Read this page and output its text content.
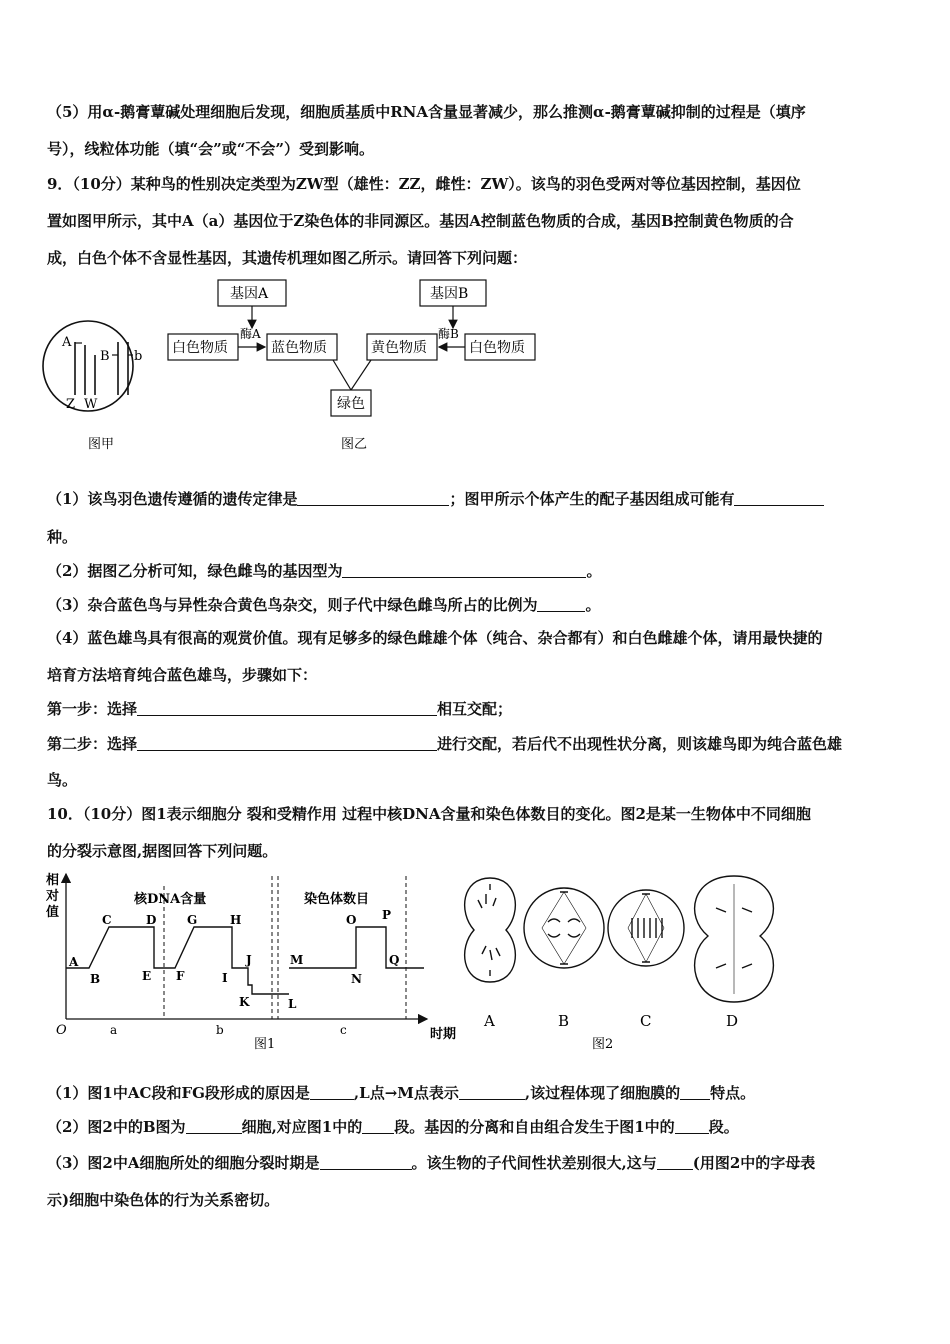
（5）用α-鹅膏蕈碱处理细胞后发现，细胞质基质中RNA含量显著减少，那么推测α-鹅膏蕈碱抑制的过程是（填序
号），线粒体功能（填“会”或“不会”）受到影响。
9．（10分）某种鸟的性别决定类型为ZW型（雄性：ZZ，雌性：ZW）。该鸟的羽色受两对等位基因控制，基因位
置如图甲所示，其中A（a）基因位于Z染色体的非同源区。基因A控制蓝色物质的合成，基因B控制黄色物质的合
成，白色个体不含显性基因，其遗传机理如图乙所示。请回答下列问题：
A
B b
Z W
图甲
基因A	基因B
白色物质
酶A
蓝色物质	黄色物质
酶B
白色物质
绿色
图乙
（1）该鸟羽色遗传遵循的遗传定律是	；图甲所示个体产生的配子基因组成可能有
种。
（2）据图乙分析可知，绿色雌鸟的基因型为	。
（3）杂合蓝色鸟与异性杂合黄色鸟杂交，则子代中绿色雌鸟所占的比例为	。
（4）蓝色雄鸟具有很高的观赏价值。现有足够多的绿色雌雄个体（纯合、杂合都有）和白色雌雄个体，请用最快捷的
培育方法培育纯合蓝色雄鸟，步骤如下：
第一步：选择	相互交配；
第二步：选择	进行交配，若后代不出现性状分离，则该雄鸟即为纯合蓝色雄
鸟。
10．（10分）图1表示细胞分 裂和受精作用 过程中核DNA含量和染色体数目的变化。图2是某一生物体中不同细胞
的分裂示意图,据图回答下列问题。
相
对
值
O	时期
核DNA含量	染色体数目
A
B
C	D
E F
G	H
I
J
K	L
M
N
O P
Q
a	b	c
图1
A	B	C	D
图2
（1）图1中AC段和FG段形成的原因是	,L点→M点表示	,该过程体现了细胞膜的 特点。
（2）图2中的B图为	细胞,对应图1中的 段。基因的分离和自由组合发生于图1中的 段。
（3）图2中A细胞所处的细胞分裂时期是	。该生物的子代间性状差别很大,这与 (用图2中的字母表
示)细胞中染色体的行为关系密切。
